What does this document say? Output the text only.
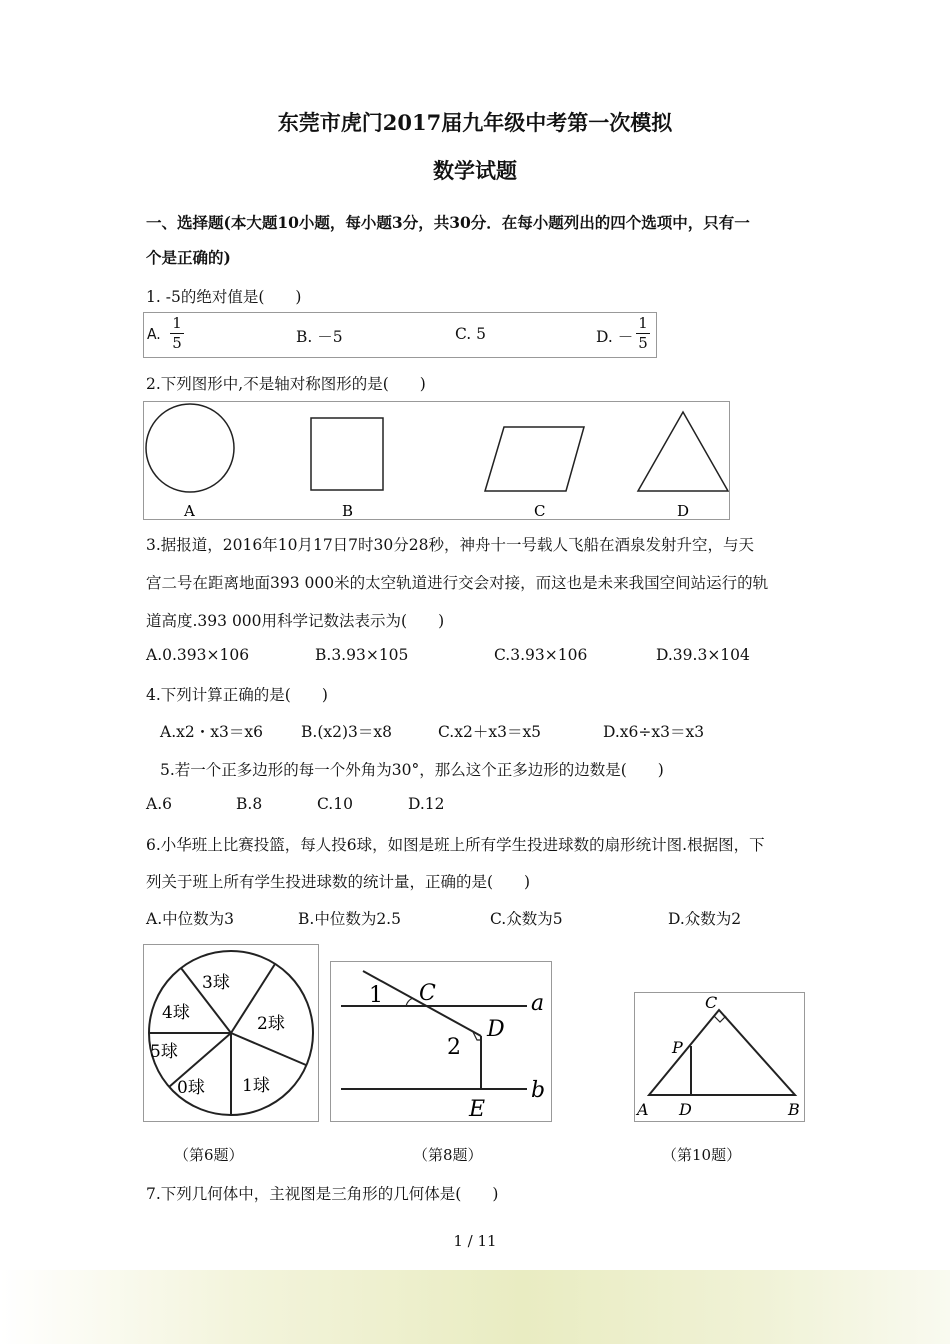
东莞市虎门2017届九年级中考第一次模拟
数学试题
一、选择题(本大题10小题，每小题3分，共30分．在每小题列出的四个选项中，只有一
个是正确的)
1. -5的绝对值是(　　)
A.
1
5	B. －5	C. 5	D. －
1
5
2.下列图形中,不是轴对称图形的是(　　)
A	B	C	D
3.据报道，2016年10月17日7时30分28秒，神舟十一号载人飞船在酒泉发射升空，与天
宫二号在距离地面393 000米的太空轨道进行交会对接，而这也是未来我国空间站运行的轨
道高度.393 000用科学记数法表示为(　　)
A.0.393×106	B.3.93×105	C.3.93×106	D.39.3×104
4.下列计算正确的是(　　)
A.x2・x3＝x6 B.(x2)3＝x8	C.x2＋x3＝x5	D.x6÷x3＝x3
5.若一个正多边形的每一个外角为30°，那么这个正多边形的边数是(　　)
A.6	B.8	C.10	D.12
6.小华班上比赛投篮，每人投6球，如图是班上所有学生投进球数的扇形统计图.根据图，下
列关于班上所有学生投进球数的统计量，正确的是(　　)
A.中位数为3	B.中位数为2.5	C.众数为5	D.众数为2
3球
2球
1球
0球
5球
4球
1 C	a
2
D
E
b
C
P
A D	B
（第6题）	（第8题）	（第10题）
7.下列几何体中，主视图是三角形的几何体是(　　)
1 / 11
